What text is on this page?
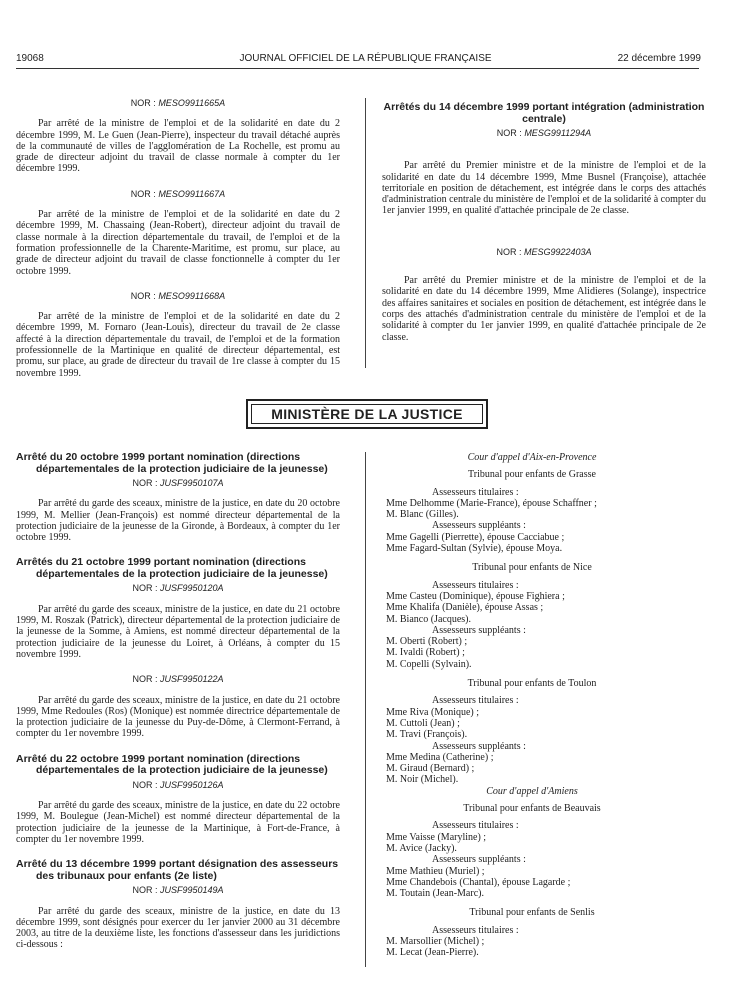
19068	JOURNAL OFFICIEL DE LA RÉPUBLIQUE FRANÇAISE	22 décembre 1999
NOR : MESO9911665A
Par arrêté de la ministre de l'emploi et de la solidarité en date du 2 décembre 1999, M. Le Guen (Jean-Pierre), inspecteur du travail détaché auprès de la communauté de villes de l'agglomération de La Rochelle, est promu au grade de directeur adjoint du travail de classe normale à compter du 1er décembre 1999.
NOR : MESO9911667A
Par arrêté de la ministre de l'emploi et de la solidarité en date du 2 décembre 1999, M. Chassaing (Jean-Robert), directeur adjoint du travail de classe normale à la direction départementale du travail, de l'emploi et de la formation professionnelle de la Charente-Maritime, est promu, sur place, au grade de directeur adjoint du travail de classe fonctionnelle à compter du 1er octobre 1999.
NOR : MESO9911668A
Par arrêté de la ministre de l'emploi et de la solidarité en date du 2 décembre 1999, M. Fornaro (Jean-Louis), directeur du travail de 2e classe affecté à la direction départementale du travail, de l'emploi et de la formation professionnelle de la Martinique en qualité de directeur départemental, est promu, sur place, au grade de directeur du travail de 1re classe à compter du 15 novembre 1999.
Arrêtés du 14 décembre 1999 portant intégration (administration centrale)
NOR : MESG9911294A
Par arrêté du Premier ministre et de la ministre de l'emploi et de la solidarité en date du 14 décembre 1999, Mme Busnel (Françoise), attachée territoriale en position de détachement, est intégrée dans le corps des attachés d'administration centrale du ministère de l'emploi et de la solidarité à compter du 1er janvier 1999, en qualité d'attachée principale de 2e classe.
NOR : MESG9922403A
Par arrêté du Premier ministre et de la ministre de l'emploi et de la solidarité en date du 14 décembre 1999, Mme Alidieres (Solange), inspectrice des affaires sanitaires et sociales en position de détachement, est intégrée dans le corps des attachés d'administration centrale du ministère de l'emploi et de la solidarité à compter du 1er janvier 1999, en qualité d'attachée principale de 2e classe.
MINISTÈRE DE LA JUSTICE
Arrêté du 20 octobre 1999 portant nomination (directions départementales de la protection judiciaire de la jeunesse)
NOR : JUSF9950107A
Par arrêté du garde des sceaux, ministre de la justice, en date du 20 octobre 1999, M. Mellier (Jean-François) est nommé directeur départemental de la protection judiciaire de la jeunesse de la Gironde, à Bordeaux, à compter du 1er octobre 1999.
Arrêtés du 21 octobre 1999 portant nomination (directions départementales de la protection judiciaire de la jeunesse)
NOR : JUSF9950120A
Par arrêté du garde des sceaux, ministre de la justice, en date du 21 octobre 1999, M. Roszak (Patrick), directeur départemental de la protection judiciaire de la jeunesse de la Somme, à Amiens, est nommé directeur départemental de la protection judiciaire de la jeunesse du Loiret, à Orléans, à compter du 15 novembre 1999.
NOR : JUSF9950122A
Par arrêté du garde des sceaux, ministre de la justice, en date du 21 octobre 1999, Mme Redoules (Ros) (Monique) est nommée directrice départementale de la protection judiciaire de la jeunesse du Puy-de-Dôme, à Clermont-Ferrand, à compter du 1er novembre 1999.
Arrêté du 22 octobre 1999 portant nomination (directions départementales de la protection judiciaire de la jeunesse)
NOR : JUSF9950126A
Par arrêté du garde des sceaux, ministre de la justice, en date du 22 octobre 1999, M. Boulegue (Jean-Michel) est nommé directeur départemental de la protection judiciaire de la jeunesse de la Martinique, à Fort-de-France, à compter du 1er novembre 1999.
Arrêté du 13 décembre 1999 portant désignation des assesseurs des tribunaux pour enfants (2e liste)
NOR : JUSF9950149A
Par arrêté du garde des sceaux, ministre de la justice, en date du 13 décembre 1999, sont désignés pour exercer du 1er janvier 2000 au 31 décembre 2003, au titre de la deuxième liste, les fonctions d'assesseur dans les juridictions ci-dessous :
Cour d'appel d'Aix-en-Provence
Tribunal pour enfants de Grasse
Assesseurs titulaires :
Mme Delhomme (Marie-France), épouse Schaffner ;
M. Blanc (Gilles).
Assesseurs suppléants :
Mme Gagelli (Pierrette), épouse Cacciabue ;
Mme Fagard-Sultan (Sylvie), épouse Moya.
Tribunal pour enfants de Nice
Assesseurs titulaires :
Mme Casteu (Dominique), épouse Fighiera ;
Mme Khalifa (Danièle), épouse Assas ;
M. Bianco (Jacques).
Assesseurs suppléants :
M. Oberti (Robert) ;
M. Ivaldi (Robert) ;
M. Copelli (Sylvain).
Tribunal pour enfants de Toulon
Assesseurs titulaires :
Mme Riva (Monique) ;
M. Cuttoli (Jean) ;
M. Travi (François).
Assesseurs suppléants :
Mme Medina (Catherine) ;
M. Giraud (Bernard) ;
M. Noir (Michel).
Cour d'appel d'Amiens
Tribunal pour enfants de Beauvais
Assesseurs titulaires :
Mme Vaisse (Maryline) ;
M. Avice (Jacky).
Assesseurs suppléants :
Mme Mathieu (Muriel) ;
Mme Chandebois (Chantal), épouse Lagarde ;
M. Toutain (Jean-Marc).
Tribunal pour enfants de Senlis
Assesseurs titulaires :
M. Marsollier (Michel) ;
M. Lecat (Jean-Pierre).
